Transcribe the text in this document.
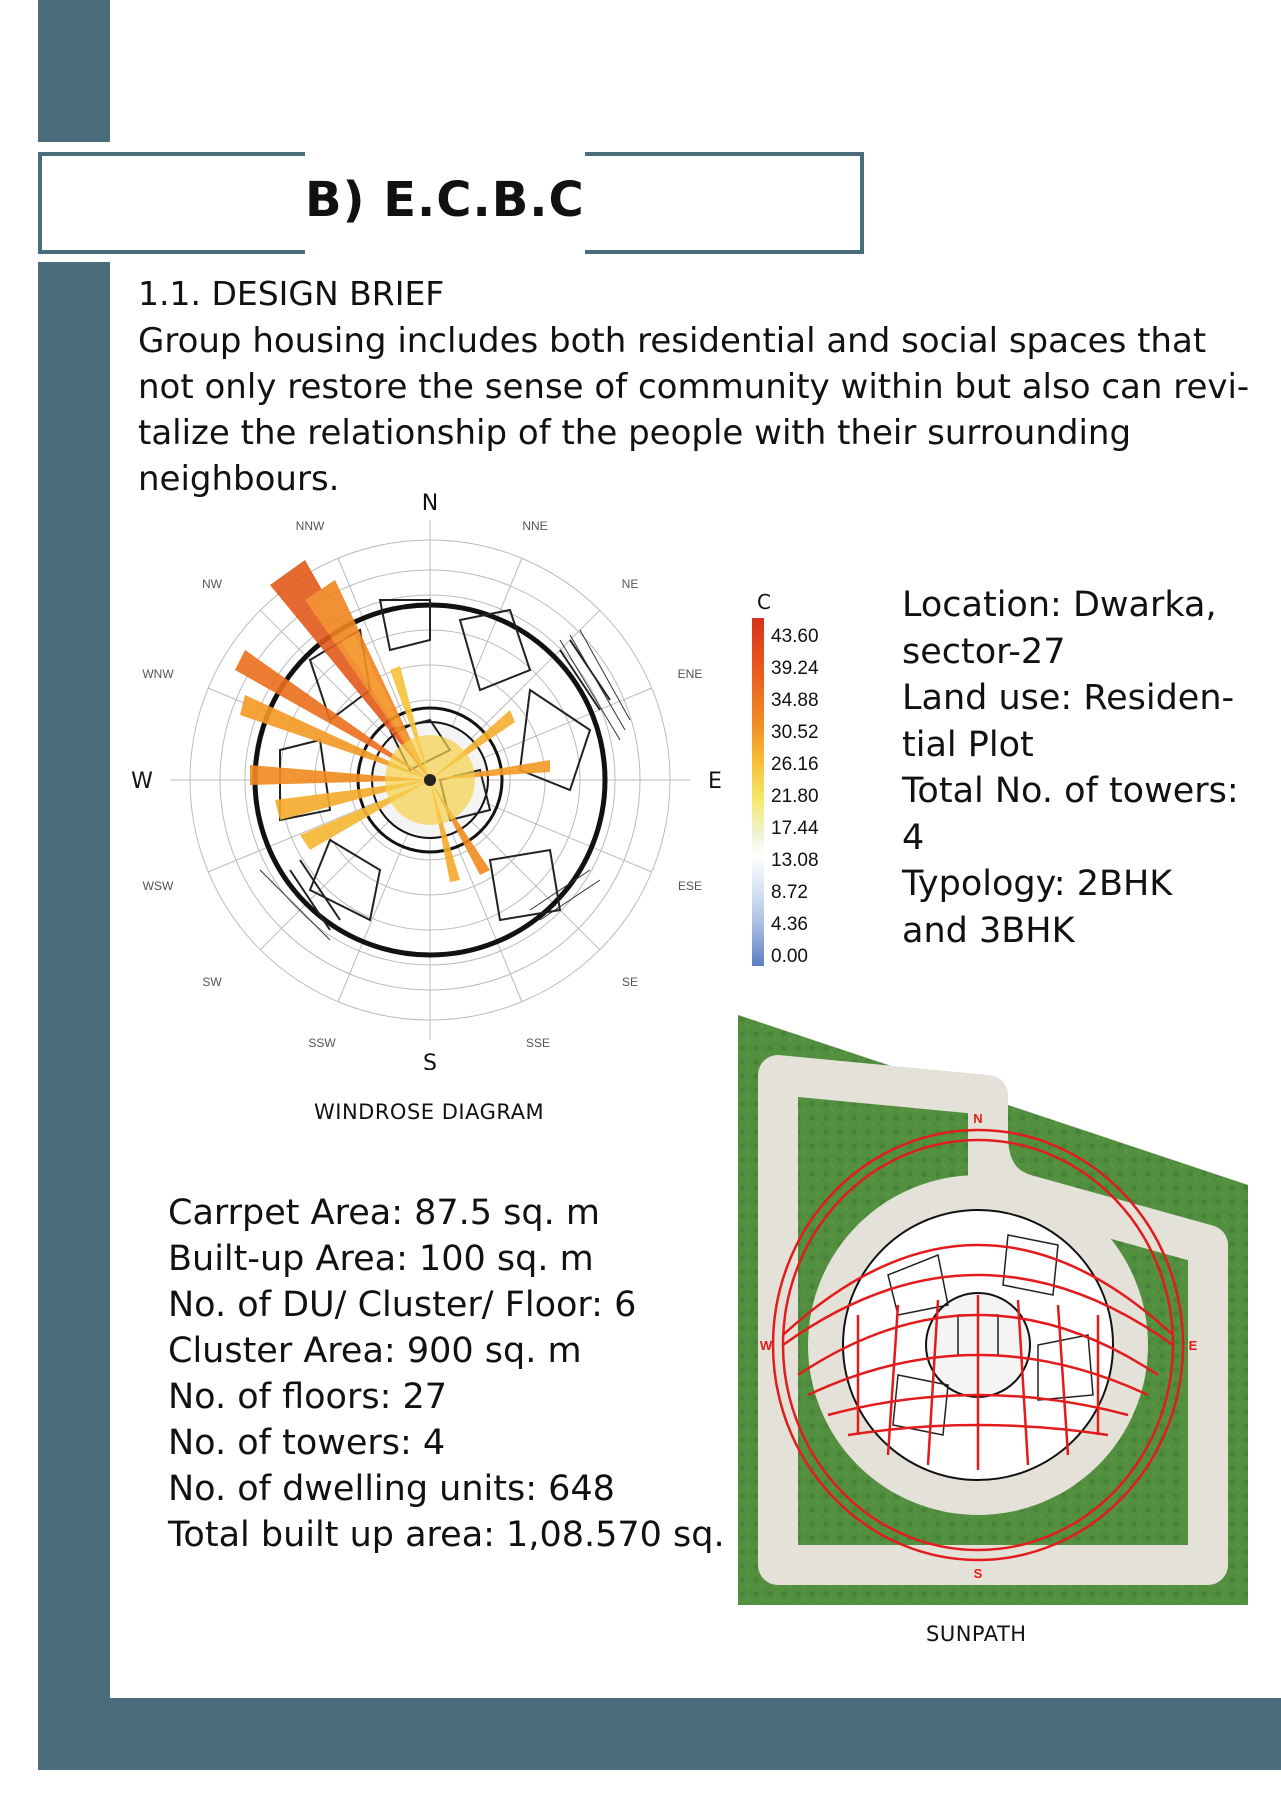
B) E.C.B.C
1.1. DESIGN BRIEF
Group housing includes both residential and social spaces that
not only restore the sense of community within but also can revi-
talize the relationship of the people with their surrounding
neighbours.
NNW	NNE
NW	NE
WNW	ENE
WSW	ESE
SW	SE
SSW	SSE
N
S
W	E
WINDROSE DIAGRAM
C
43.60
39.24
34.88
30.52
26.16
21.80
17.44
13.08
8.72
4.36
0.00
Location: Dwarka,
sector-27
Land use: Residen-
tial Plot
Total No. of towers:
4
Typology: 2BHK
and 3BHK
Carrpet Area: 87.5 sq. m
Built-up Area: 100 sq. m
No. of DU/ Cluster/ Floor: 6
Cluster Area: 900 sq. m
No. of floors: 27
No. of towers: 4
No. of dwelling units: 648
Total built up area: 1,08.570 sq.
N
S
W	E
SUNPATH
